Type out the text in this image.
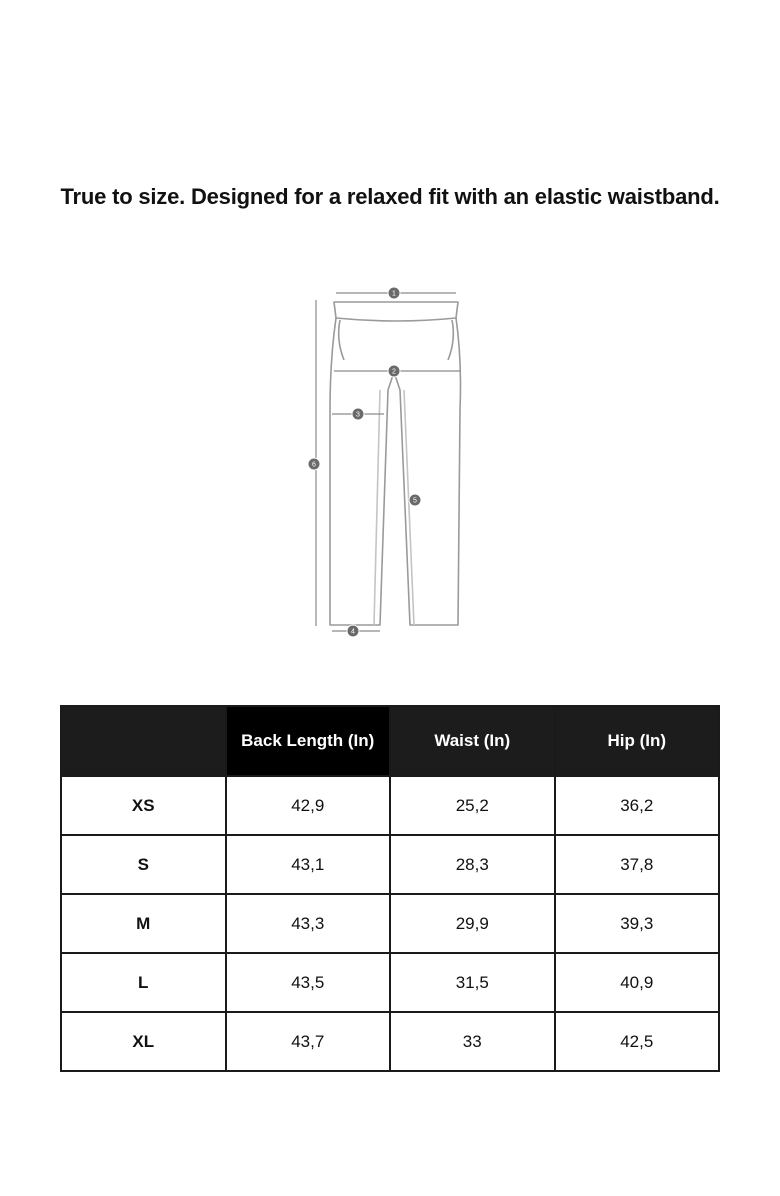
True to size. Designed for a relaxed fit with an elastic waistband.
1
2
3
4
5
6
	Back Length (In)	Waist (In)	Hip (In)
XS	42,9	25,2	36,2
S	43,1	28,3	37,8
M	43,3	29,9	39,3
L	43,5	31,5	40,9
XL	43,7	33	42,5
